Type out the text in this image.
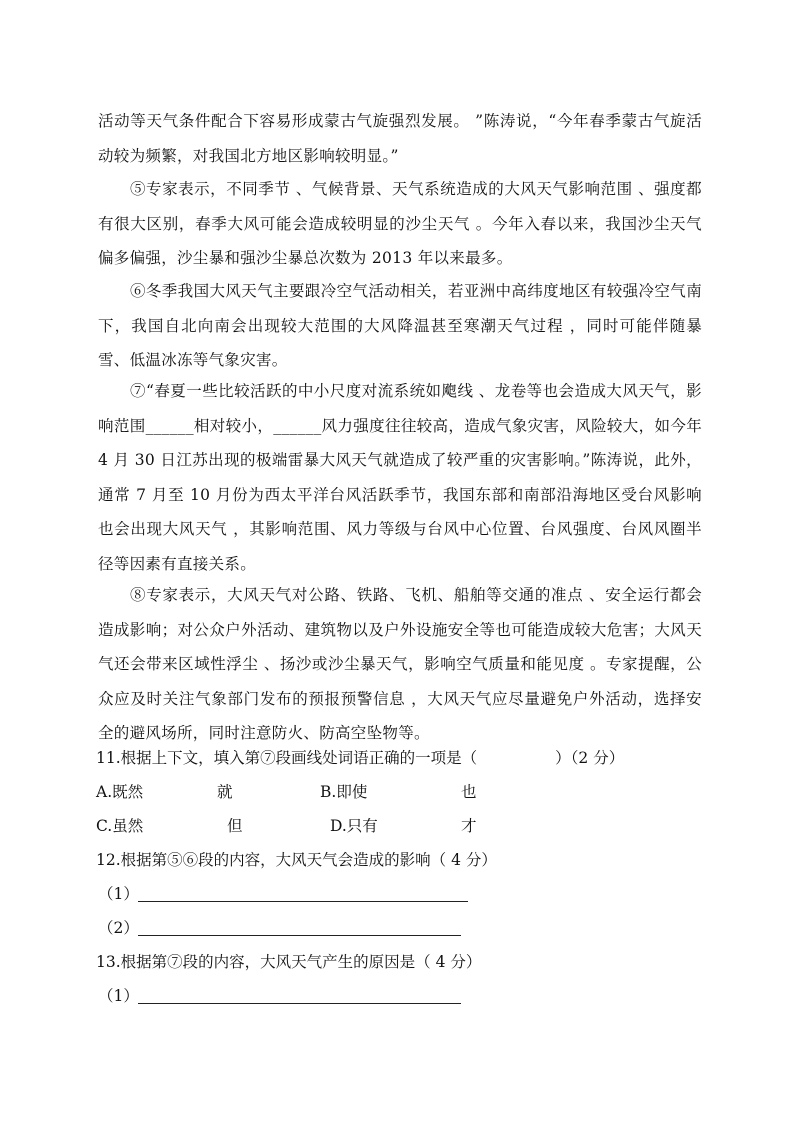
活动等天气条件配合下容易形成蒙古气旋强烈发展。 ”陈涛说，“今年春季蒙古气旋活动较为频繁，对我国北方地区影响较明显。”

⑤专家表示，不同季节 、气候背景、天气系统造成的大风天气影响范围 、强度都有很大区别，春季大风可能会造成较明显的沙尘天气 。今年入春以来，我国沙尘天气偏多偏强，沙尘暴和强沙尘暴总次数为 2013 年以来最多。

⑥冬季我国大风天气主要跟冷空气活动相关，若亚洲中高纬度地区有较强冷空气南下，我国自北向南会出现较大范围的大风降温甚至寒潮天气过程 ，同时可能伴随暴雪、低温冰冻等气象灾害。

⑦“春夏一些比较活跃的中小尺度对流系统如飑线 、龙卷等也会造成大风天气，影响范围______相对较小，______风力强度往往较高，造成气象灾害，风险较大，如今年 4 月 30 日江苏出现的极端雷暴大风天气就造成了较严重的灾害影响。”陈涛说，此外， 通常 7 月至 10 月份为西太平洋台风活跃季节，我国东部和南部沿海地区受台风影响也会出现大风天气 ，其影响范围、风力等级与台风中心位置、台风强度、台风风圈半径等因素有直接关系。

⑧专家表示，大风天气对公路、铁路、飞机、船舶等交通的准点 、安全运行都会造成影响；对公众户外活动、建筑物以及户外设施安全等也可能造成较大危害；大风天气还会带来区域性浮尘 、扬沙或沙尘暴天气，影响空气质量和能见度 。专家提醒，公众应及时关注气象部门发布的预报预警信息 ，大风天气应尽量避免户外活动，选择安全的避风场所，同时注意防火、防高空坠物等。

11.根据上下文，填入第⑦段画线处词语正确的一项是（	）（2 分）
A.既然	就	B.即使	也
C.虽然	但	D.只有	才
12.根据第⑤⑥段的内容，大风天气会造成的影响（ 4 分）
（1）
（2）
13.根据第⑦段的内容，大风天气产生的原因是（ 4 分）
（1）
